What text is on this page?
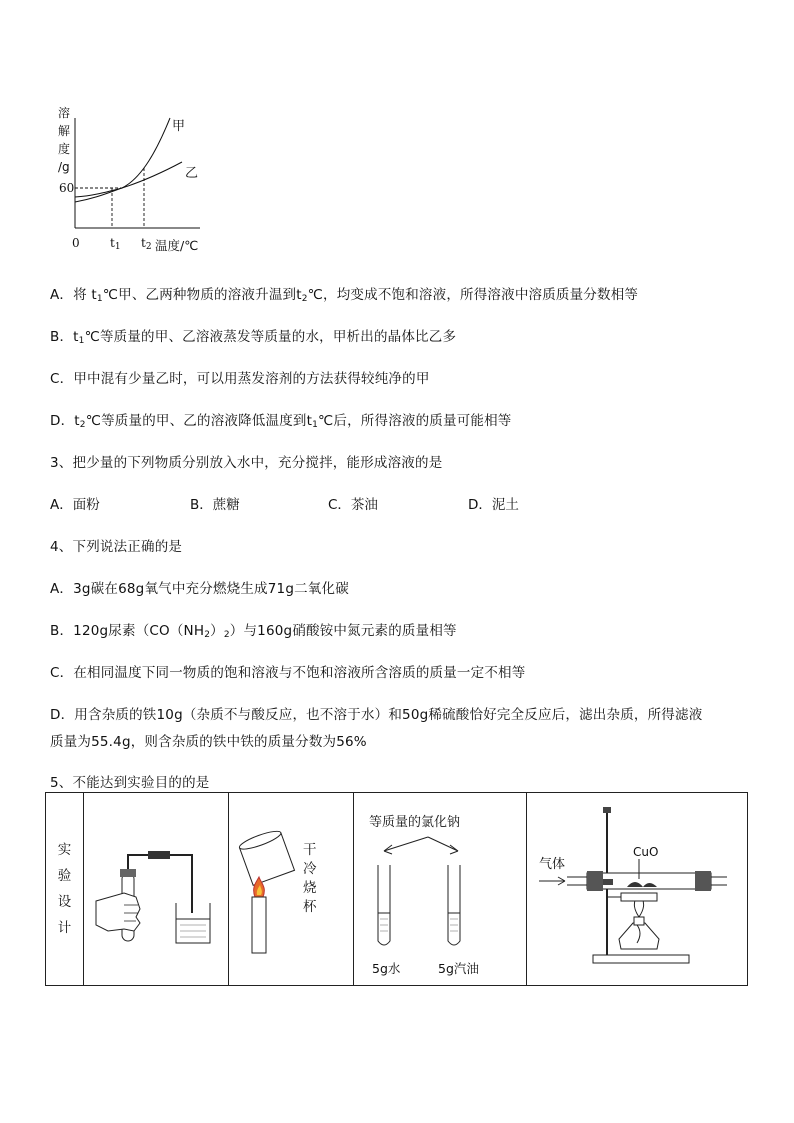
溶
解
度
/g
60
0	$t_1$ $t_2$ 温度/℃
甲
乙
A．将 $t_1℃$甲、乙两种物质的溶液升温到$t_2℃$，均变成不饱和溶液，所得溶液中溶质质量分数相等
B．$t_1℃$等质量的甲、乙溶液蒸发等质量的水，甲析出的晶体比乙多
C．甲中混有少量乙时，可以用蒸发溶剂的方法获得较纯净的甲
D．$t_2℃$等质量的甲、乙的溶液降低温度到$t_1℃$后，所得溶液的质量可能相等
3、把少量的下列物质分别放入水中，充分搅拌，能形成溶液的是
A．面粉	B．蔗糖	C．茶油	D．泥土
4、下列说法正确的是
A．3g碳在68g氧气中充分燃烧生成71g二氧化碳
B．120g尿素$(CO(NH_2)_2)$与160g硝酸铵中氮元素的质量相等
C．在相同温度下同一物质的饱和溶液与不饱和溶液所含溶质的质量一定不相等
D．用含杂质的铁10g（杂质不与酸反应，也不溶于水）和50g稀硫酸恰好完全反应后，滤出杂质，所得滤液
质量为55.4g，则含杂质的铁中铁的质量分数为56%
5、不能达到实验目的的是
实
验
设
计

干
冷
烧
杯

等质量的氯化钠
5g水	5g汽油

气体
CuO
